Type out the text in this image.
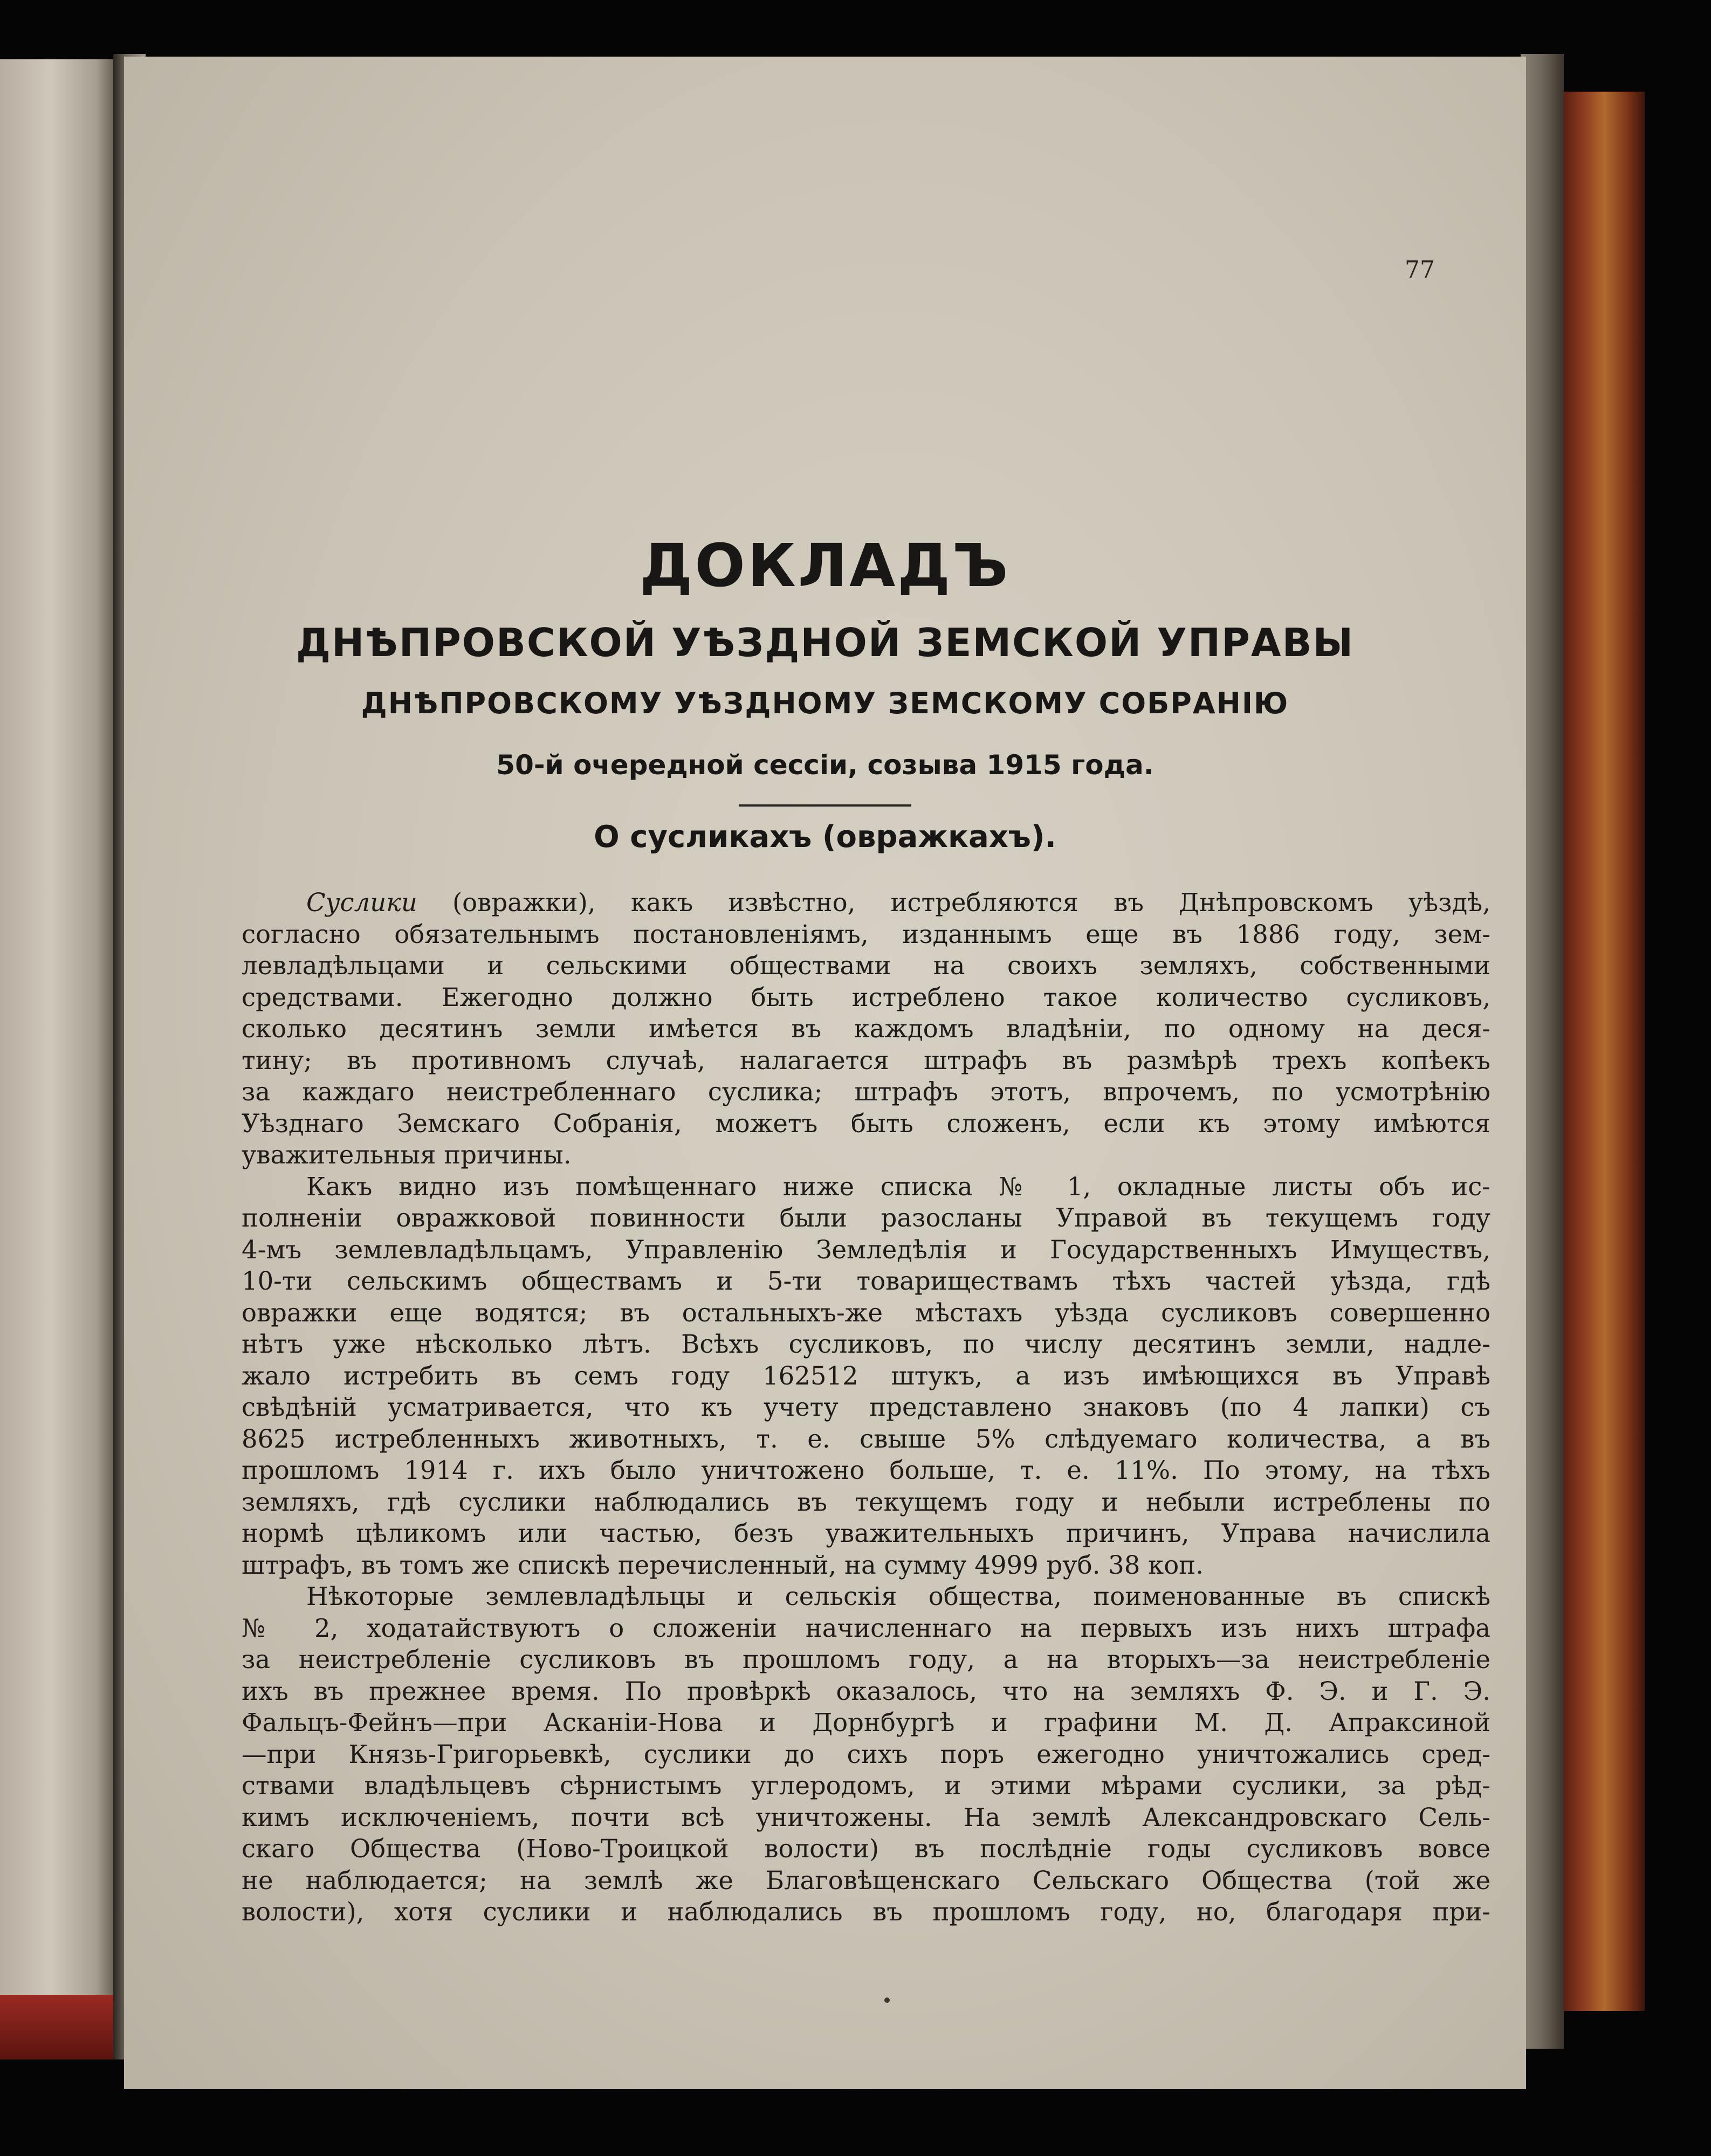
77
ДОКЛАДЪ
ДНѢПРОВСКОЙ УѢЗДНОЙ ЗЕМСКОЙ УПРАВЫ
ДНѢПРОВСКОМУ УѢЗДНОМУ ЗЕМСКОМУ СОБРАНІЮ
50-й очередной сессіи, созыва 1915 года.
О сусликахъ (овражкахъ).
Суслики (овражки), какъ извѣстно, истребляются въ Днѣпровскомъ уѣздѣ,
согласно обязательнымъ постановленіямъ, изданнымъ еще въ 1886 году, зем-
левладѣльцами и сельскими обществами на своихъ земляхъ, собственными
средствами. Ежегодно должно быть истреблено такое количество сусликовъ,
сколько десятинъ земли имѣется въ каждомъ владѣніи, по одному на деся-
тину; въ противномъ случаѣ, налагается штрафъ въ размѣрѣ трехъ копѣекъ
за каждаго неистребленнаго суслика; штрафъ этотъ, впрочемъ, по усмотрѣнію
Уѣзднаго Земскаго Собранія, можетъ быть сложенъ, если къ этому имѣются
уважительныя причины.
Какъ видно изъ помѣщеннаго ниже списка № 1, окладные листы объ ис-
полненіи овражковой повинности были разосланы Управой въ текущемъ году
4-мъ землевладѣльцамъ, Управленію Земледѣлія и Государственныхъ Имуществъ,
10-ти сельскимъ обществамъ и 5-ти товариществамъ тѣхъ частей уѣзда, гдѣ
овражки еще водятся; въ остальныхъ-же мѣстахъ уѣзда сусликовъ совершенно
нѣтъ уже нѣсколько лѣтъ. Всѣхъ сусликовъ, по числу десятинъ земли, надле-
жало истребить въ семъ году 162512 штукъ, а изъ имѣющихся въ Управѣ
свѣдѣній усматривается, что къ учету представлено знаковъ (по 4 лапки) съ
8625 истребленныхъ животныхъ, т. е. свыше 5% слѣдуемаго количества, а въ
прошломъ 1914 г. ихъ было уничтожено больше, т. е. 11%. По этому, на тѣхъ
земляхъ, гдѣ суслики наблюдались въ текущемъ году и небыли истреблены по
нормѣ цѣликомъ или частью, безъ уважительныхъ причинъ, Управа начислила
штрафъ, въ томъ же спискѣ перечисленный, на сумму 4999 руб. 38 коп.
Нѣкоторые землевладѣльцы и сельскія общества, поименованные въ спискѣ
№ 2, ходатайствуютъ о сложеніи начисленнаго на первыхъ изъ нихъ штрафа
за неистребленіе сусликовъ въ прошломъ году, а на вторыхъ—за неистребленіе
ихъ въ прежнее время. По провѣркѣ оказалось, что на земляхъ Ф. Э. и Г. Э.
Фальцъ-Фейнъ—при Асканіи-Нова и Дорнбургѣ и графини М. Д. Апраксиной
—при Князь-Григорьевкѣ, суслики до сихъ поръ ежегодно уничтожались сред-
ствами владѣльцевъ сѣрнистымъ углеродомъ, и этими мѣрами суслики, за рѣд-
кимъ исключеніемъ, почти всѣ уничтожены. На землѣ Александровскаго Сель-
скаго Общества (Ново-Троицкой волости) въ послѣдніе годы сусликовъ вовсе
не наблюдается; на землѣ же Благовѣщенскаго Сельскаго Общества (той же
волости), хотя суслики и наблюдались въ прошломъ году, но, благодаря при-
